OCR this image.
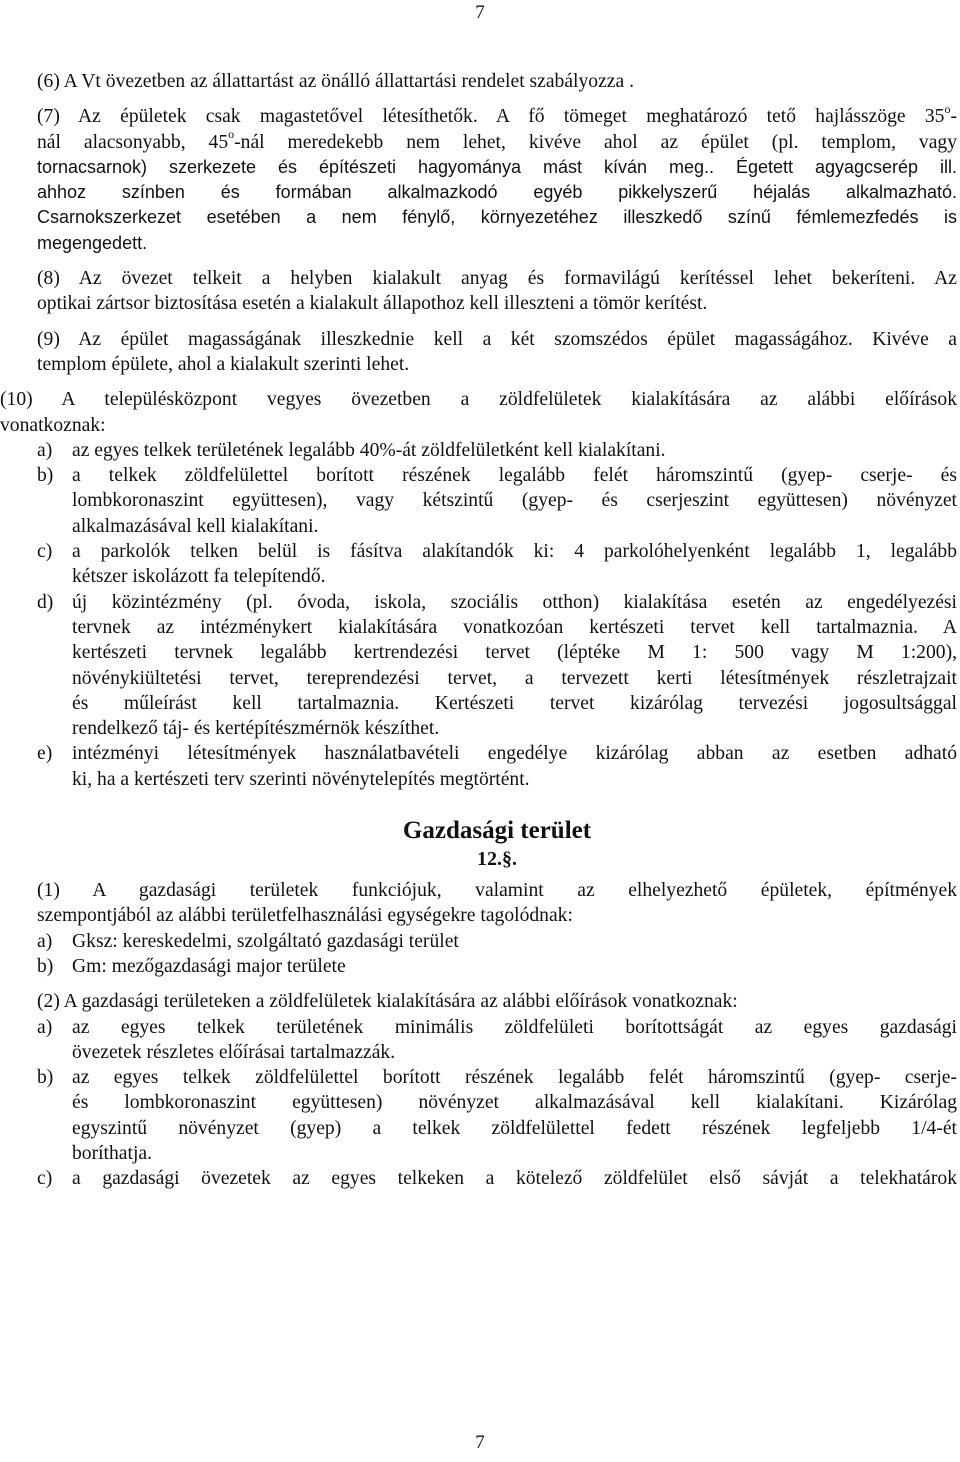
7
(6) A Vt övezetben az állattartást az önálló állattartási rendelet szabályozza .
(7) Az épületek csak magastetővel létesíthetők. A fő tömeget meghatározó tető hajlásszöge 35$^o$-
nál alacsonyabb, 45$^o$-nál meredekebb nem lehet, kivéve ahol az épület (pl. templom, vagy
tornacsarnok) szerkezete és építészeti hagyománya mást kíván meg.. Égetett agyagcserép ill.
ahhoz színben és formában alkalmazkodó egyéb pikkelyszerű héjalás alkalmazható.
Csarnokszerkezet esetében a nem fénylő, környezetéhez illeszkedő színű fémlemezfedés is
megengedett.
(8) Az övezet telkeit a helyben kialakult anyag és formavilágú kerítéssel lehet bekeríteni. Az
optikai zártsor biztosítása esetén a kialakult állapothoz kell illeszteni a tömör kerítést.
(9) Az épület magasságának illeszkednie kell a két szomszédos épület magasságához. Kivéve a
templom épülete, ahol a kialakult szerinti lehet.
(10) A településközpont vegyes övezetben a zöldfelületek kialakítására az alábbi előírások
vonatkoznak:
a) az egyes telkek területének legalább 40%-át zöldfelületként kell kialakítani.
b) a telkek zöldfelülettel borított részének legalább felét háromszintű (gyep- cserje- és
lombkoronaszint együttesen), vagy kétszintű (gyep- és cserjeszint együttesen) növényzet
alkalmazásával kell kialakítani.
c) a parkolók telken belül is fásítva alakítandók ki: 4 parkolóhelyenként legalább 1, legalább
kétszer iskolázott fa telepítendő.
d) új közintézmény (pl. óvoda, iskola, szociális otthon) kialakítása esetén az engedélyezési
tervnek az intézménykert kialakítására vonatkozóan kertészeti tervet kell tartalmaznia. A
kertészeti tervnek legalább kertrendezési tervet (léptéke M 1: 500 vagy M 1:200),
növénykiültetési tervet, tereprendezési tervet, a tervezett kerti létesítmények részletrajzait
és műleírást kell tartalmaznia. Kertészeti tervet kizárólag tervezési jogosultsággal
rendelkező táj- és kertépítészmérnök készíthet.
e) intézményi létesítmények használatbavételi engedélye kizárólag abban az esetben adható
ki, ha a kertészeti terv szerinti növénytelepítés megtörtént.
Gazdasági terület
12.§.
(1) A gazdasági területek funkciójuk, valamint az elhelyezhető épületek, építmények
szempontjából az alábbi területfelhasználási egységekre tagolódnak:
a) Gksz: kereskedelmi, szolgáltató gazdasági terület
b) Gm: mezőgazdasági major területe
(2) A gazdasági területeken a zöldfelületek kialakítására az alábbi előírások vonatkoznak:
a) az egyes telkek területének minimális zöldfelületi borítottságát az egyes gazdasági
övezetek részletes előírásai tartalmazzák.
b) az egyes telkek zöldfelülettel borított részének legalább felét háromszintű (gyep- cserje-
és lombkoronaszint együttesen) növényzet alkalmazásával kell kialakítani. Kizárólag
egyszintű növényzet (gyep) a telkek zöldfelülettel fedett részének legfeljebb 1/4-ét
boríthatja.
c) a gazdasági övezetek az egyes telkeken a kötelező zöldfelület első sávját a telekhatárok
7
